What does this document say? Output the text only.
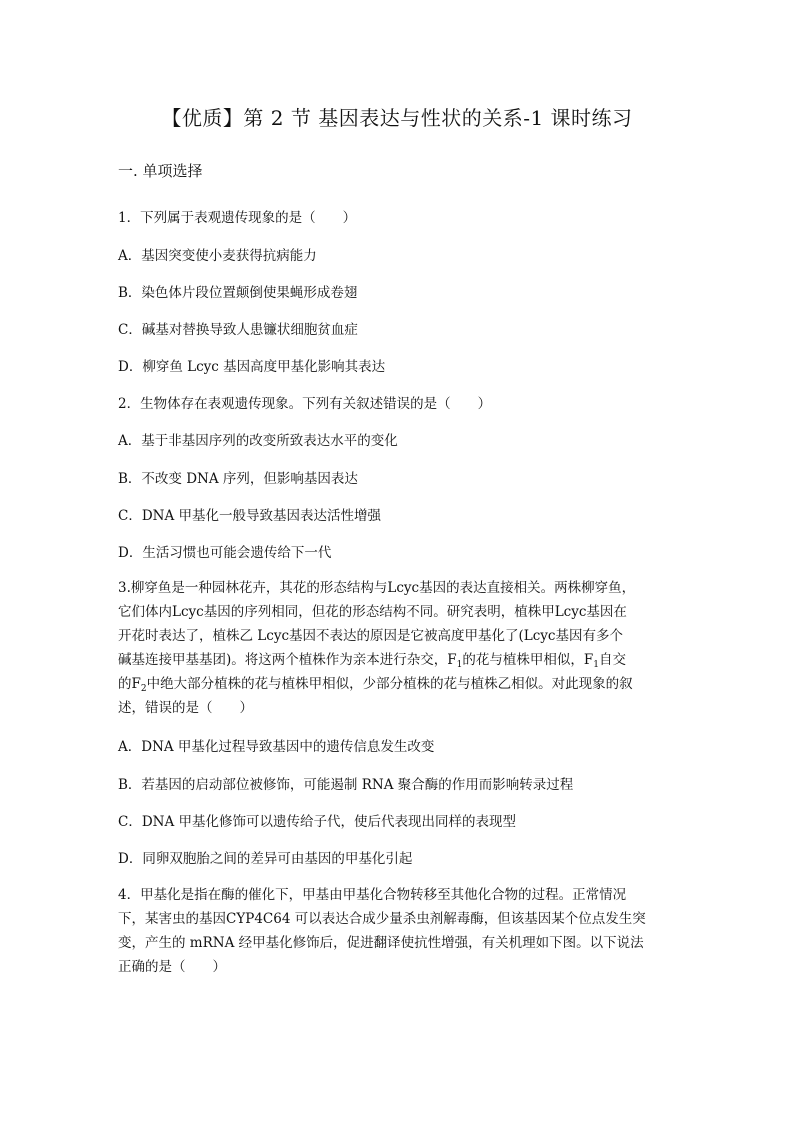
【优质】第 2 节 基因表达与性状的关系-1 课时练习
一. 单项选择
1．下列属于表观遗传现象的是（　　）
A．基因突变使小麦获得抗病能力
B．染色体片段位置颠倒使果蝇形成卷翅
C．碱基对替换导致人患镰状细胞贫血症
D．柳穿鱼 Lcyc 基因高度甲基化影响其表达
2．生物体存在表观遗传现象。下列有关叙述错误的是（　　）
A．基于非基因序列的改变所致表达水平的变化
B．不改变 DNA 序列，但影响基因表达
C．DNA 甲基化一般导致基因表达活性增强
D．生活习惯也可能会遗传给下一代
3.柳穿鱼是一种园林花卉，其花的形态结构与Lcyc基因的表达直接相关。两株柳穿鱼，
它们体内Lcyc基因的序列相同，但花的形态结构不同。研究表明，植株甲Lcyc基因在
开花时表达了，植株乙 Lcyc基因不表达的原因是它被高度甲基化了(Lcyc基因有多个
碱基连接甲基基团)。将这两个植株作为亲本进行杂交，$F_1$的花与植株甲相似，$F_1$自交
的$F_2$中绝大部分植株的花与植株甲相似，少部分植株的花与植株乙相似。对此现象的叙
述，错误的是（　　）
A．DNA 甲基化过程导致基因中的遗传信息发生改变
B．若基因的启动部位被修饰，可能遏制 RNA 聚合酶的作用而影响转录过程
C．DNA 甲基化修饰可以遗传给子代，使后代表现出同样的表现型
D．同卵双胞胎之间的差异可由基因的甲基化引起
4．甲基化是指在酶的催化下，甲基由甲基化合物转移至其他化合物的过程。正常情况
下，某害虫的基因CYP4C64 可以表达合成少量杀虫剂解毒酶，但该基因某个位点发生突
变，产生的 mRNA 经甲基化修饰后，促进翻译使抗性增强，有关机理如下图。以下说法
正确的是（　　）
